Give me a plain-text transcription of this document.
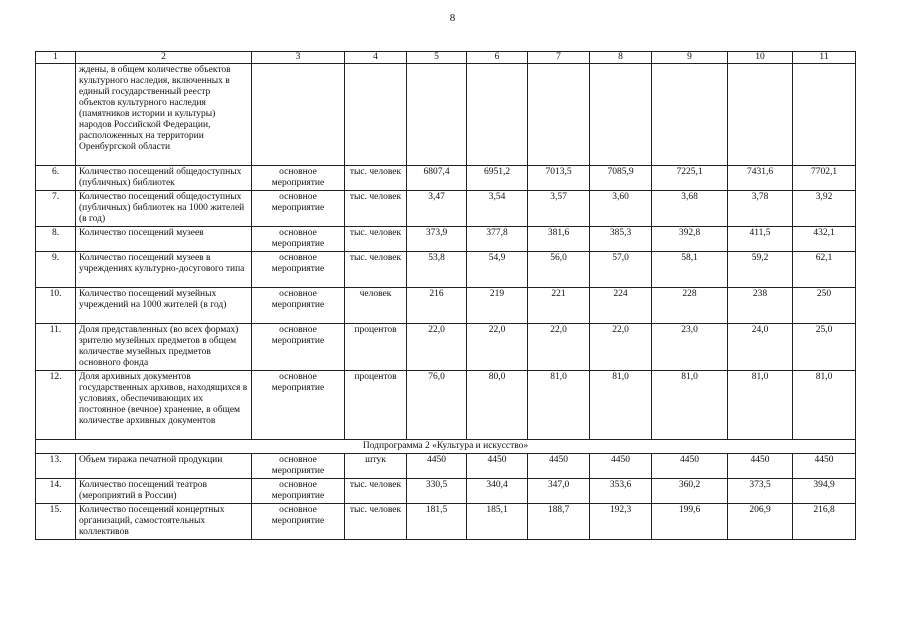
8
1	2	3	4	5	6	7	8	9	10	11
	ждены, в общем количестве объектов культурного наследия, включенных в единый государственный реестр объектов культурного наследия (памятников истории и культуры) народов Российской Федерации, расположенных на территории Оренбургской области									
6.	Количество посещений общедоступных (публичных) библиотек	основное мероприятие	тыс. человек	6807,4	6951,2	7013,5	7085,9	7225,1	7431,6	7702,1
7.	Количество посещений общедоступных (публичных) библиотек на 1000 жителей (в год)	основное мероприятие	тыс. человек	3,47	3,54	3,57	3,60	3,68	3,78	3,92
8.	Количество посещений музеев	основное мероприятие	тыс. человек	373,9	377,8	381,6	385,3	392,8	411,5	432,1
9.	Количество посещений музеев в учреждениях культурно-досугового типа	основное мероприятие	тыс. человек	53,8	54,9	56,0	57,0	58,1	59,2	62,1
10.	Количество посещений музейных учреждений на 1000 жителей (в год)	основное мероприятие	человек	216	219	221	224	228	238	250
11.	Доля представленных (во всех формах) зрителю музейных предметов в общем количестве музейных предметов основного фонда	основное мероприятие	процентов	22,0	22,0	22,0	22,0	23,0	24,0	25,0
12.	Доля архивных документов государственных архивов, находящихся в условиях, обеспечивающих их постоянное (вечное) хранение, в общем количестве архивных документов	основное мероприятие	процентов	76,0	80,0	81,0	81,0	81,0	81,0	81,0
Подпрограмма 2 «Культура и искусство»										
13.	Объем тиража печатной продукции	основное мероприятие	штук	4450	4450	4450	4450	4450	4450	4450
14.	Количество посещений театров (мероприятий в России)	основное мероприятие	тыс. человек	330,5	340,4	347,0	353,6	360,2	373,5	394,9
15.	Количество посещений концертных организаций, самостоятельных коллективов	основное мероприятие	тыс. человек	181,5	185,1	188,7	192,3	199,6	206,9	216,8
